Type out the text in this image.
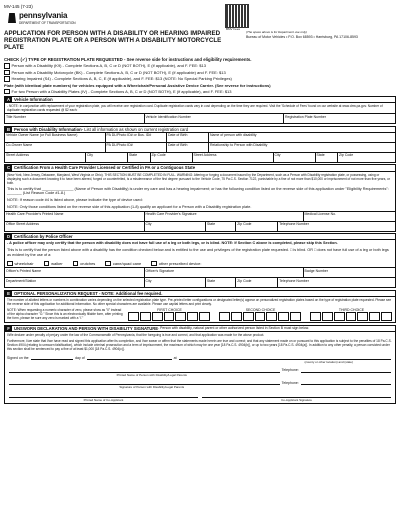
MV-145 (7-23)
pennsylvania
DEPARTMENT OF TRANSPORTATION
BMV Fees
APPLICATION FOR PERSON WITH A DISABILITY OR HEARING IMPAIRED REGISTRATION PLATE OR A PERSON WITH A DISABILITY MOTORCYCLE PLATE
(The space above is for Department use only)
Bureau of Motor Vehicles • P.O. Box 68593 • Harrisburg, PA 17106-8593
CHECK (✓) TYPE OF REGISTRATION PLATE REQUESTED - See reverse side for instructions and eligibility requirements.
Person with a Disability (K9) - Complete Sections A, B, C or D (NOT BOTH), E (if applicable), and F. FEE: $13
Person with a Disability Motorcycle (BK) - Complete Sections A, B, C or D (NOT BOTH), E (if applicable) and F. FEE: $13
Hearing Impaired (S4) - Complete Sections A, B, C, E (if applicable), and F. FEE: $13 (NOTE: No Special Parking Privileges)
Plate (with identical plate numbers) for vehicles equipped with a Wheelchair/Personal Assistive Device Carrier. (See reverse for instructions)
For two Person with a Disability Plates (IV) - Complete Sections A, B, C or D (NOT BOTH), E (if applicable), and F. FEE: $13
A Vehicle Information
- NOTE: In conjunction with replacement of your registration plate, you will receive one registration card. Duplicate registration cards vary in cost depending on the time they are required. Visit the 'Schedule of Fees' found on our website at www.dmv.pa.gov. Number of duplicate registration cards requested @ $2 each:
Title Number	Vehicle Identification Number	Registration Plate Number
B Person with Disability Information - List all information as shown on current registration card
Vehicle Owner Name (or Full Business Name)	PA DL/Photo ID# or Bus. ID#	Date of Birth	Name of person with disability
Co-Owner Name	PA DL/Photo ID#	Date of Birth	Relationship to Person with Disability
Street Address	City	State	Zip Code	Street Address	City	State	Zip Code
C Certification From a Health Care Provider Licensed or Certified in PA or a Contiguous State
(New York, New Jersey, Delaware, Maryland, West Virginia or Ohio). THIS SECTION MUST BE COMPLETED IN FULL. WARNING: Altering or forging a document issued by the Department, such as a Person with Disability registration plate, or possessing, using or displaying such a document knowing it to have been altered, forged or counterfeited, is a misdemeanor of the first degree pursuant to the Vehicle Code, 75 Pa.C.S. Section 7122, punishable by a fine of not more than $10,000 or imprisonment of not more than five years, or both.
This is to certify that _______________ (Name of Person with Disability) is under my care and has a hearing impairment; or has the following condition listed on the reverse side of this application under "Eligibility Requirements": _______ (List Reason Code #1-8.)
NOTE: If reason code #4 is listed above, please indicate the type of device used:
NOTE: Only those conditions listed on the reverse side of this application (1-8) qualify an applicant for a Person with a Disability registration plate.
Health Care Provider's Printed Name	Health Care Provider's Signature	Medical License No.
Office Street Address	City	State	Zip Code	Telephone Number
D Certification by Police Officer
- A police officer may only certify that the person with disability does not have full use of a leg or both legs, or is blind. NOTE: If Section C above is completed, please skip this Section.
This is to certify that the person listed above with a disability has the condition checked below and is entitled to the use and privileges of the registration plate requested. □ is blind. OR □ does not have full use of a leg or both legs as evident by the use of a:
wheelchair	walker	crutches	cane/quad cane	other prescribed device:
Officer's Printed Name	Officer's Signature	Badge Number
Department/Station	City	State	Zip Code	Telephone Number
E OPTIONAL PERSONALIZATION REQUEST - NOTE: Additional fee required.
The number of allotted letters or numbers in combination varies depending on the selected registration plate type. Pre-printed letter configurations or designated letter(s) appear on personalized registration plates based on the type of registration plate requested. Please see the reverse side of this application for additional information. No other special characters are available. Please use capital letters and print clearly.
NOTE: When requesting a numeric character of zero, please show as "0" instead of the alpha character "O." Since this is an electronically fillable form, after printing the form, please be sure any zero is marked with a "/."
FIRST CHOICE	SECOND CHOICE	THIRD CHOICE
F	UNSWORN DECLARATION AND PERSON WITH DISABILITY SIGNATURE - Person with disability, natural parent or other authorized person listed in Section B must sign below.
I/We declare under penalty of perjury under the law of the Commonwealth of Pennsylvania, that the foregoing is true and correct, and that application was made for the above product.
Furthermore, I/we state that I/we have read and signed this application after its completion, and I/we swear or affirm that the statements made herein are true and correct; and that any statement made on or pursuant to this application is subject to the penalties of 18 Pa.C.S. Section 4904 (relating to unsworn falsification), which include criminal prosecution and a term of imprisonment, the maximum of which may be one year [18 Pa.C.S. 4904(b)], or up to two years [18 Pa.C.S. 4904(a)]. In addition to any other penalty, a person convicted under this section shall be sentenced to pay a fine of at least $1,000 [18 Pa.C.S. 4904(c)].
Signed on the	day of	at
(county or other location) and (state)
Telephone:
Printed Name of Person with Disability/Legal Parents
Telephone:
Signature of Person with Disability/Legal Parents
Printed Name of Co-Applicant	Co-Applicant Signature
